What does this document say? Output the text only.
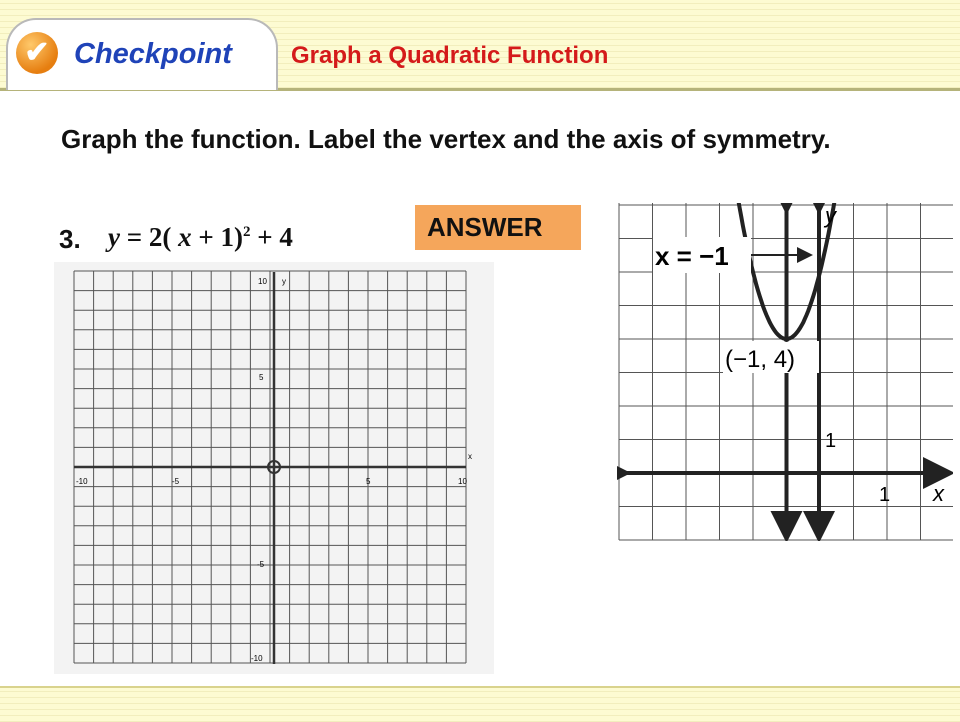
✔ Checkpoint Graph a Quadratic Function
Graph the function. Label the vertex and the axis of symmetry.
3. y = 2( x + 1)$^2$ + 4	ANSWER
-10	-5	5	10
x
10
5
-5
-10
y
x = −1
(−1, 4)
1
1 x
y
